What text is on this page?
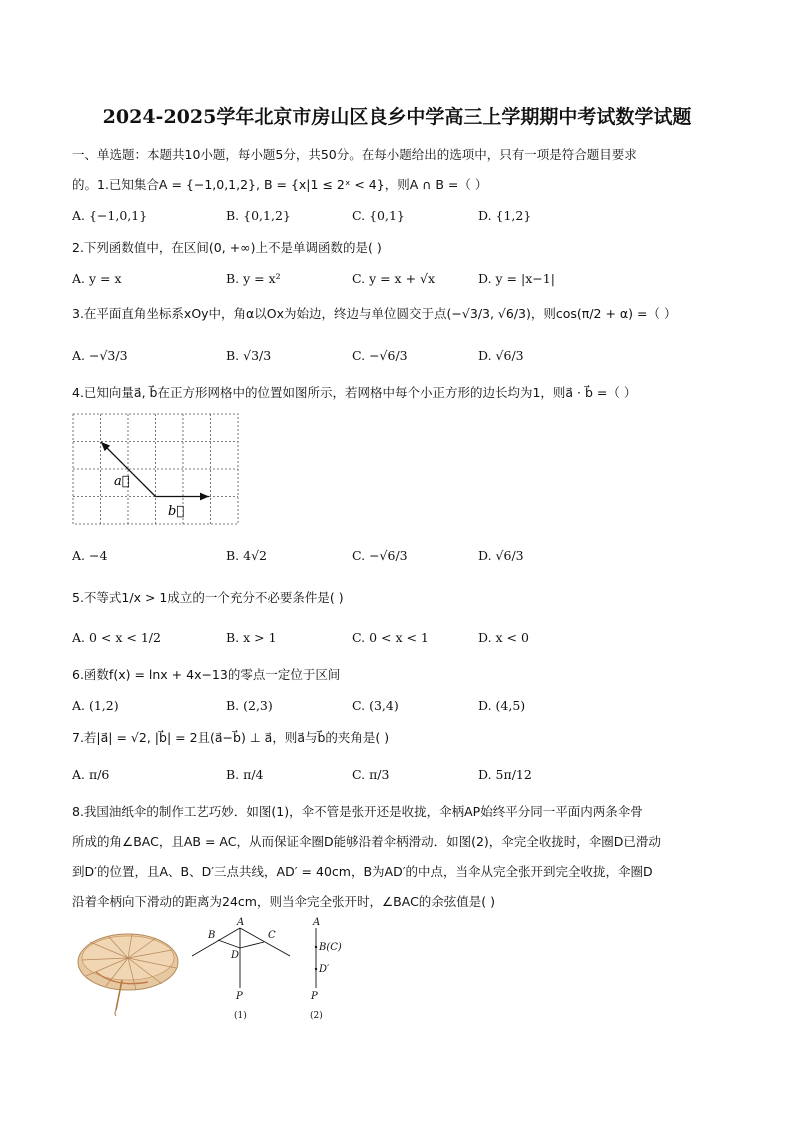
2024-2025学年北京市房山区良乡中学高三上学期期中考试数学试题
一、单选题：本题共10小题，每小题5分，共50分。在每小题给出的选项中，只有一项是符合题目要求
的。1.已知集合A = {−1,0,1,2}, B = {x|1 ≤ 2ˣ < 4}，则A ∩ B =（ ）
A. {−1,0,1}	B. {0,1,2}	C. {0,1}	D. {1,2}
2.下列函数值中，在区间(0, +∞)上不是单调函数的是( )
A. y = x	B. y = x²	C. y = x + √x	D. y = |x−1|
3.在平面直角坐标系xOy中，角α以Ox为始边，终边与单位圆交于点(−√3/3, √6/3)，则cos(π/2 + α) =（ ）
A. −√3/3	B. √3/3	C. −√6/3	D. √6/3
4.已知向量a⃗, b⃗在正方形网格中的位置如图所示，若网格中每个小正方形的边长均为1，则a⃗ · b⃗ =（ ）
a⃗
b⃗
A. −4	B. 4√2	C. −√6/3	D. √6/3
5.不等式1/x > 1成立的一个充分不必要条件是( )
A. 0 < x < 1/2	B. x > 1	C. 0 < x < 1	D. x < 0
6.函数f(x) = lnx + 4x−13的零点一定位于区间
A. (1,2)	B. (2,3)	C. (3,4)	D. (4,5)
7.若|a⃗| = √2, |b⃗| = 2且(a⃗−b⃗) ⊥ a⃗，则a⃗与b⃗的夹角是( )
A. π/6	B. π/4	C. π/3	D. 5π/12
8.我国油纸伞的制作工艺巧妙．如图(1)，伞不管是张开还是收拢，伞柄AP始终平分同一平面内两条伞骨
所成的角∠BAC，且AB = AC，从而保证伞圈D能够沿着伞柄滑动．如图(2)，伞完全收拢时，伞圈D已滑动
到D′的位置，且A、B、D′三点共线，AD′ = 40cm，B为AD′的中点，当伞从完全张开到完全收拢，伞圈D
沿着伞柄向下滑动的距离为24cm，则当伞完全张开时，∠BAC的余弦值是( )
A
B	C
D
P
(1)
A
B(C)
D′
P
(2)
